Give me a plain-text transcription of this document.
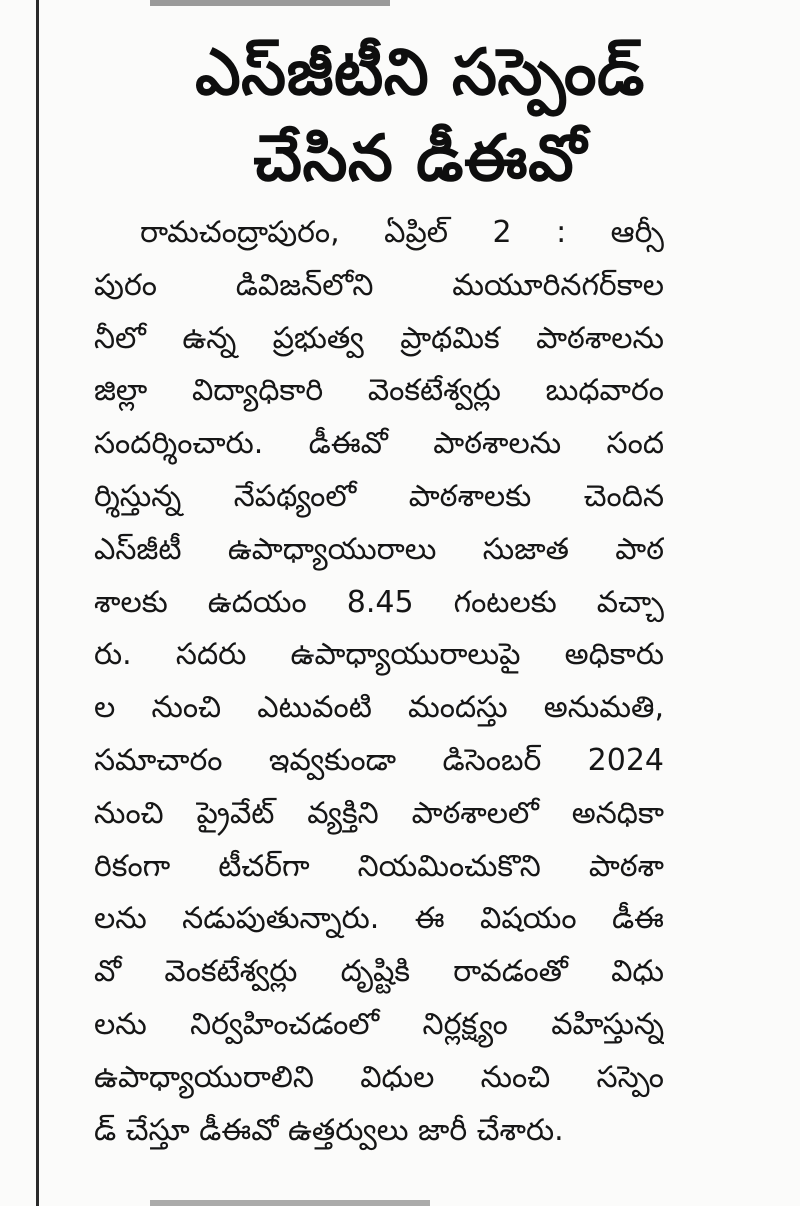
ఎస్‌జీటీని సస్పెండ్
చేసిన డీఈవో
రామచంద్రాపురం, ఏప్రిల్ 2 : ఆర్సీ
పురం డివిజన్‌లోని మయూరినగర్‌కాల
నీలో ఉన్న ప్రభుత్వ ప్రాథమిక పాఠశాలను
జిల్లా విద్యాధికారి వెంకటేశ్వర్లు బుధవారం
సందర్శించారు. డీఈవో పాఠశాలను సంద
ర్శిస్తున్న నేపథ్యంలో పాఠశాలకు చెందిన
ఎస్‌జీటీ ఉపాధ్యాయురాలు సుజాత పాఠ
శాలకు ఉదయం 8.45 గంటలకు వచ్చా
రు. సదరు ఉపాధ్యాయురాలుపై అధికారు
ల నుంచి ఎటువంటి మందస్తు అనుమతి,
సమాచారం ఇవ్వకుండా డిసెంబర్ 2024
నుంచి ప్రైవేట్ వ్యక్తిని పాఠశాలలో అనధికా
రికంగా టీచర్‌గా నియమించుకొని పాఠశా
లను నడుపుతున్నారు. ఈ విషయం డీఈ
వో వెంకటేశ్వర్లు దృష్టికి రావడంతో విధు
లను నిర్వహించడంలో నిర్లక్ష్యం వహిస్తున్న
ఉపాధ్యాయురాలిని విధుల నుంచి సస్పెం
డ్ చేస్తూ డీఈవో ఉత్తర్వులు జారీ చేశారు.
